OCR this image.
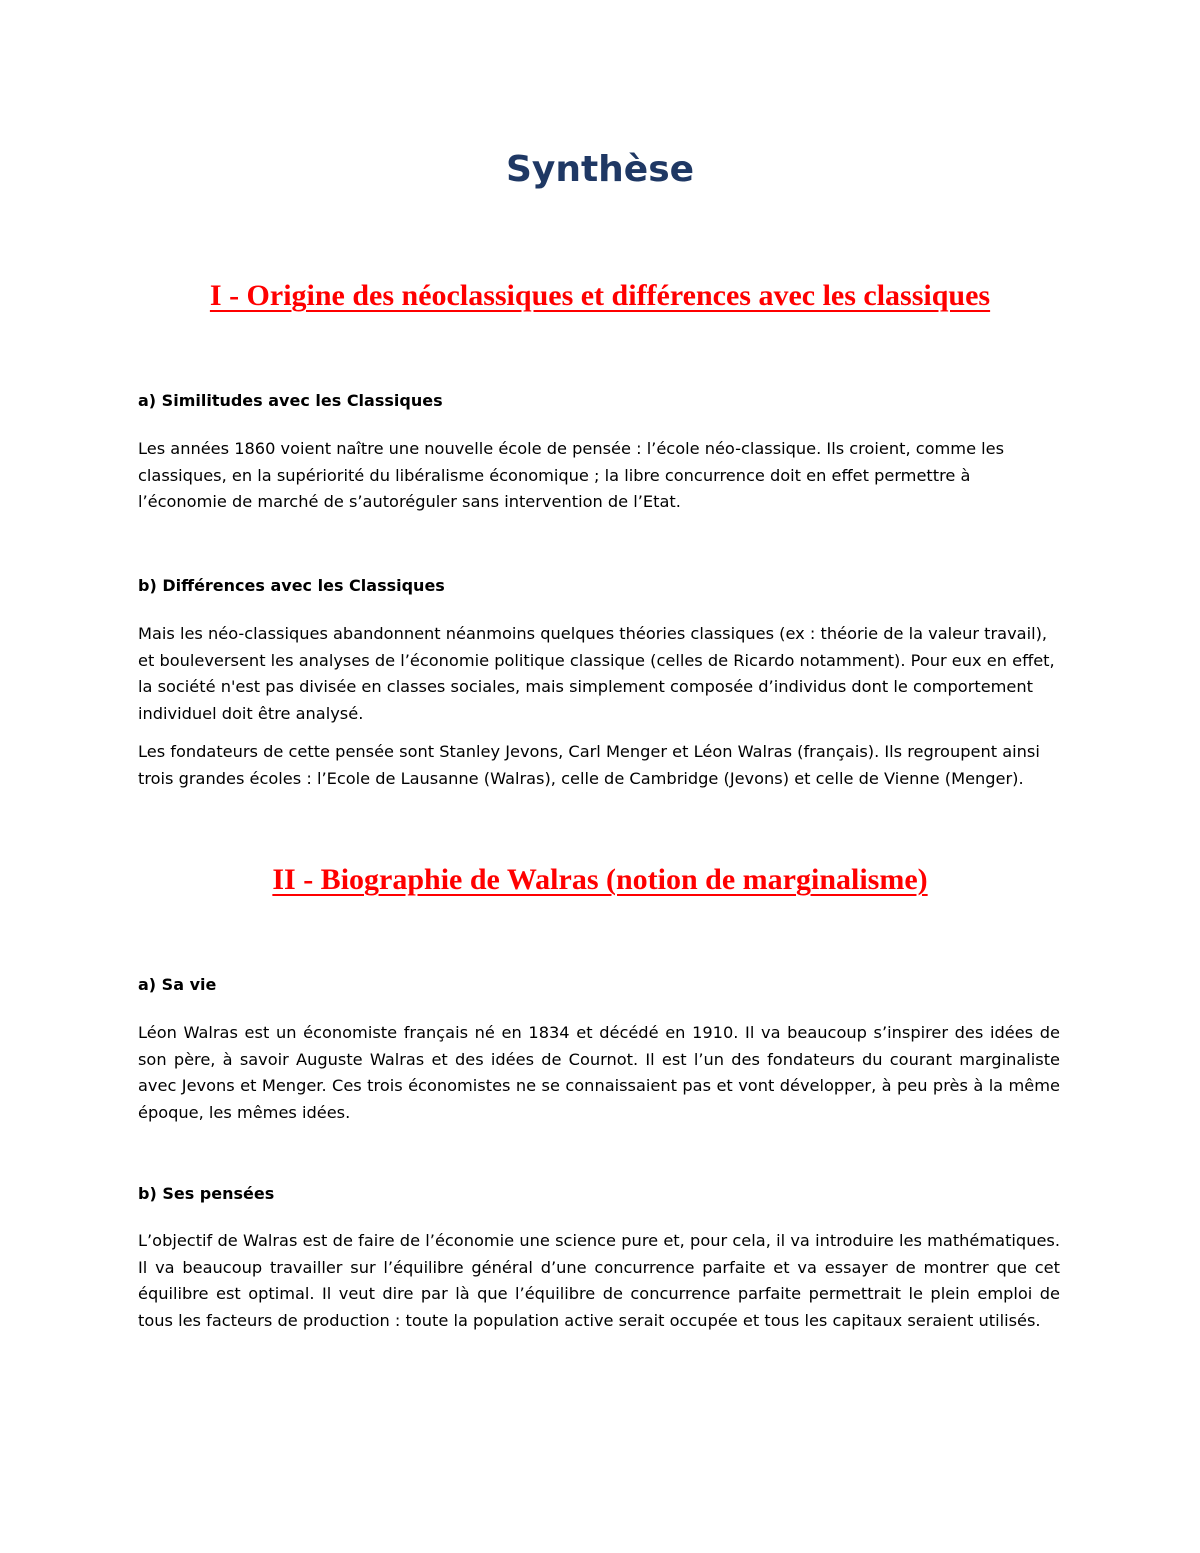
Synthèse
I - Origine des néoclassiques et différences avec les classiques
a) Similitudes avec les Classiques

Les années 1860 voient naître une nouvelle école de pensée : l’école néo-classique. Ils croient, comme les classiques, en la supériorité du libéralisme économique ; la libre concurrence doit en effet permettre à l’économie de marché de s’autoréguler sans intervention de l’Etat.

b) Différences avec les Classiques

Mais les néo-classiques abandonnent néanmoins quelques théories classiques (ex : théorie de la valeur travail), et bouleversent les analyses de l’économie politique classique (celles de Ricardo notamment). Pour eux en effet, la société n'est pas divisée en classes sociales, mais simplement composée d’individus dont le comportement individuel doit être analysé.

Les fondateurs de cette pensée sont Stanley Jevons, Carl Menger et Léon Walras (français). Ils regroupent ainsi trois grandes écoles : l’Ecole de Lausanne (Walras), celle de Cambridge (Jevons) et celle de Vienne (Menger).

II - Biographie de Walras (notion de marginalisme)
a) Sa vie

Léon Walras est un économiste français né en 1834 et décédé en 1910. Il va beaucoup s’inspirer des idées de son père, à savoir Auguste Walras et des idées de Cournot. Il est l’un des fondateurs du courant marginaliste avec Jevons et Menger. Ces trois économistes ne se connaissaient pas et vont développer, à peu près à la même époque, les mêmes idées.

b) Ses pensées

L’objectif de Walras est de faire de l’économie une science pure et, pour cela, il va introduire les mathématiques. Il va beaucoup travailler sur l’équilibre général d’une concurrence parfaite et va essayer de montrer que cet équilibre est optimal. Il veut dire par là que l’équilibre de concurrence parfaite permettrait le plein emploi de tous les facteurs de production : toute la population active serait occupée et tous les capitaux seraient utilisés.
